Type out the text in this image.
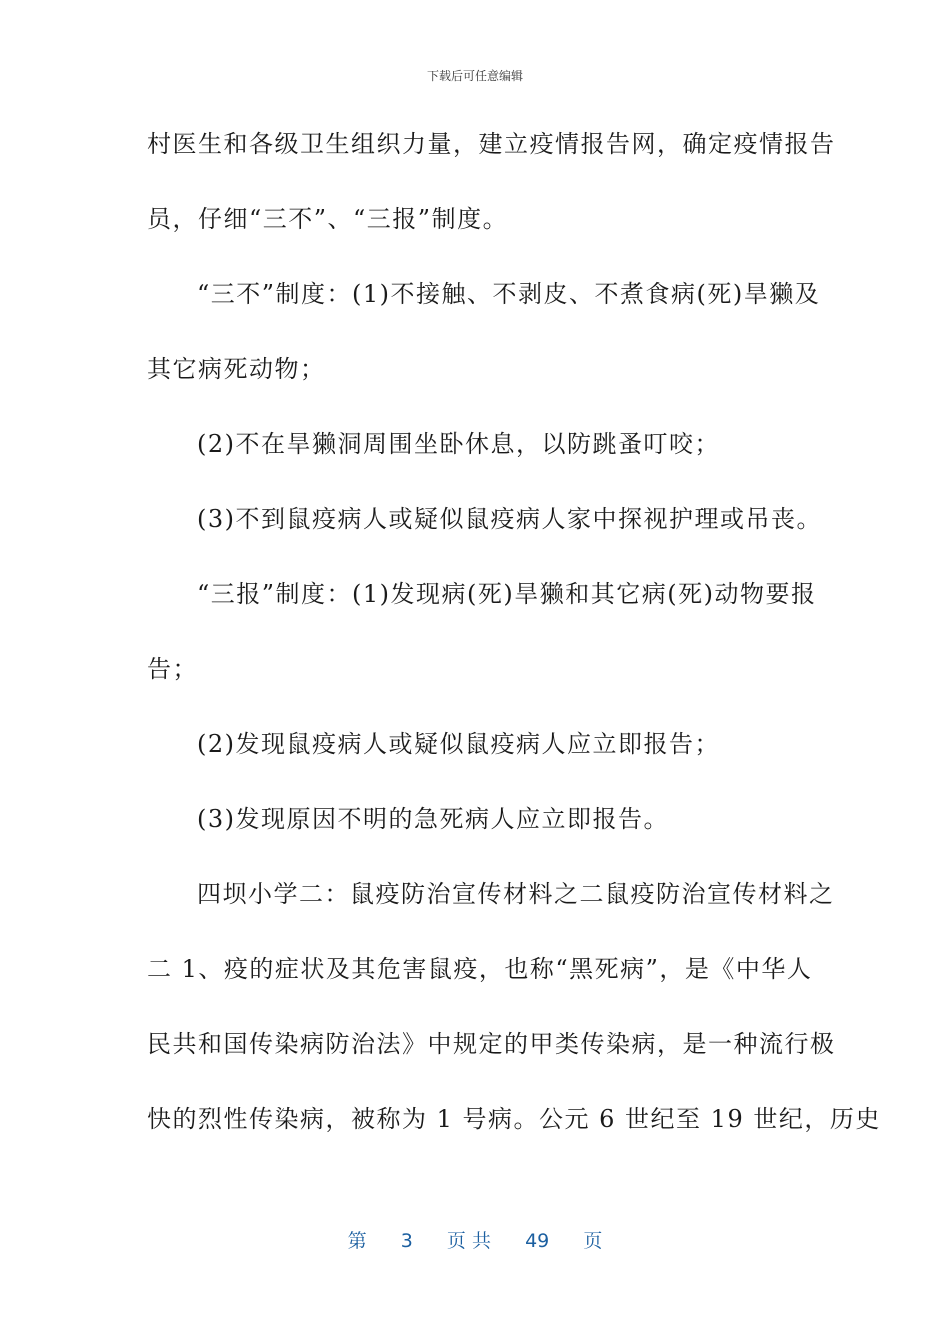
下载后可任意编辑
村医生和各级卫生组织力量，建立疫情报告网，确定疫情报告
员，仔细“三不”、“三报”制度。
“三不”制度：(1)不接触、不剥皮、不煮食病(死)旱獭及
其它病死动物；
(2)不在旱獭洞周围坐卧休息，以防跳蚤叮咬；
(3)不到鼠疫病人或疑似鼠疫病人家中探视护理或吊丧。
“三报”制度：(1)发现病(死)旱獭和其它病(死)动物要报
告；
(2)发现鼠疫病人或疑似鼠疫病人应立即报告；
(3)发现原因不明的急死病人应立即报告。
四坝小学二：鼠疫防治宣传材料之二鼠疫防治宣传材料之
二 1、疫的症状及其危害鼠疫，也称“黑死病”，是《中华人
民共和国传染病防治法》中规定的甲类传染病，是一种流行极
快的烈性传染病，被称为 1 号病。公元 6 世纪至 19 世纪，历史
第 3 页 共 49 页
